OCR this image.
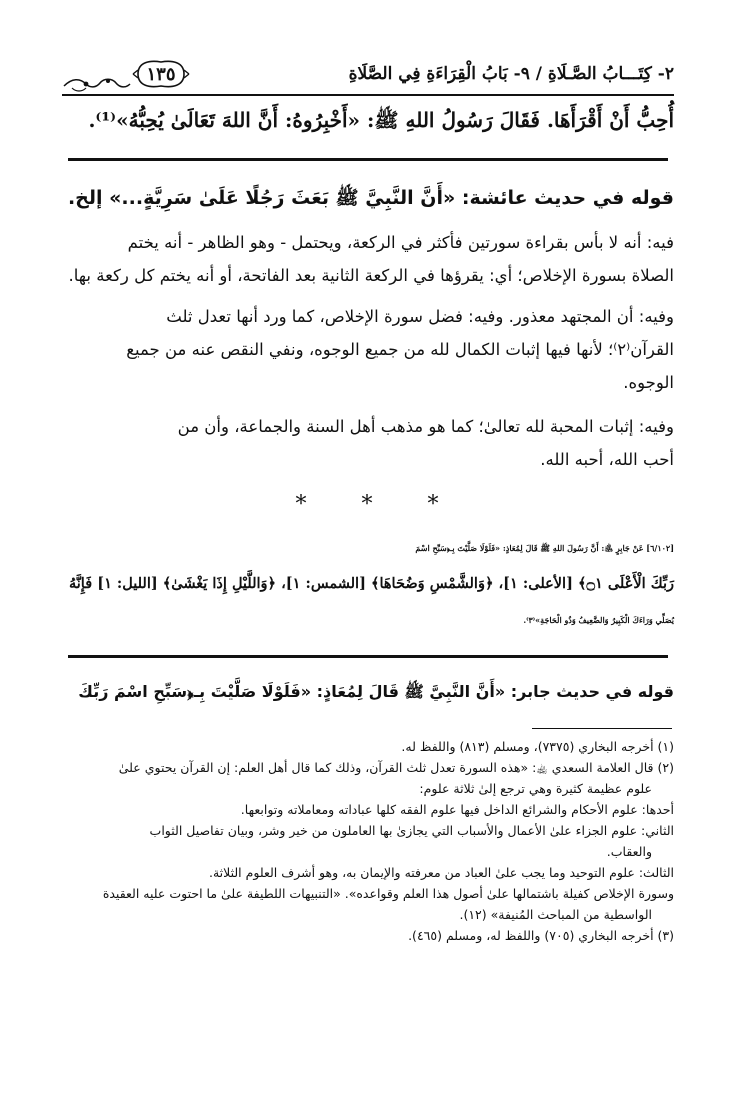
٢- كِتَـــابُ الصَّـلَاةِ / ٩- بَابُ الْقِرَاءَةِ فِي الصَّلَاةِ
١٣٥
أُحِبُّ أَنْ أَقْرَأَهَا. فَقَالَ رَسُولُ اللهِ ﷺ: «أَخْبِرُوهُ: أَنَّ اللهَ تَعَالَىٰ يُحِبُّهُ»⁽¹⁾.
قوله في حديث عائشة: «أَنَّ النَّبِيَّ ﷺ بَعَثَ رَجُلًا عَلَىٰ سَرِيَّةٍ...» إلخ.
فيه: أنه لا بأس بقراءة سورتين فأكثر في الركعة، ويحتمل - وهو الظاهر - أنه يختم
الصلاة بسورة الإخلاص؛ أي: يقرؤها في الركعة الثانية بعد الفاتحة، أو أنه يختم كل ركعة بها.
وفيه: أن المجتهد معذور. وفيه: فضل سورة الإخلاص، كما ورد أنها تعدل ثلث
القرآن⁽٢⁾؛ لأنها فيها إثبات الكمال لله من جميع الوجوه، ونفي النقص عنه من جميع
الوجوه.
وفيه: إثبات المحبة لله تعالىٰ؛ كما هو مذهب أهل السنة والجماعة، وأن من
أحب الله، أحبه الله.
*	*	*
[٦/١٠٢] عَنْ جَابِرٍ ﵁: أَنَّ رَسُولَ اللهِ ﷺ قَالَ لِمُعَاذٍ: «فَلَوْلَا صَلَّيْتَ بِـ﴿سَبِّحِ اسْمَ
رَبِّكَ الْأَعْلَى ۝١﴾ [الأعلى: ١]، ﴿وَالشَّمْسِ وَضُحَاهَا﴾ [الشمس: ١]، ﴿وَاللَّيْلِ إِذَا يَغْشَىٰ﴾ [الليل: ١] فَإِنَّهُ
يُصَلِّي وَرَاءَكَ الْكَبِيرُ وَالضَّعِيفُ وَذُو الْحَاجَةِ»⁽٣⁾.
قوله في حديث جابر: «أَنَّ النَّبِيَّ ﷺ قَالَ لِمُعَاذٍ: «فَلَوْلَا صَلَّيْتَ بِـ﴿سَبِّحِ اسْمَ رَبِّكَ
(١) أخرجه البخاري (٧٣٧٥)، ومسلم (٨١٣) واللفظ له.
(٢) قال العلامة السعدي ﵀: «هذه السورة تعدل ثلث القرآن، وذلك كما قال أهل العلم: إن القرآن يحتوي علىٰ
علوم عظيمة كثيرة وهي ترجع إلىٰ ثلاثة علوم:
أحدها: علوم الأحكام والشرائع الداخل فيها علوم الفقه كلها عباداته ومعاملاته وتوابعها.
الثاني: علوم الجزاء علىٰ الأعمال والأسباب التي يجازىٰ بها العاملون من خير وشر، وبيان تفاصيل الثواب
والعقاب.
الثالث: علوم التوحيد وما يجب علىٰ العباد من معرفته والإيمان به، وهو أشرف العلوم الثلاثة.
وسورة الإخلاص كفيلة باشتمالها علىٰ أصول هذا العلم وقواعده». «التنبيهات اللطيفة علىٰ ما احتوت عليه العقيدة
الواسطية من المباحث المُنيفة» (١٢).
(٣) أخرجه البخاري (٧٠٥) واللفظ له، ومسلم (٤٦٥).
